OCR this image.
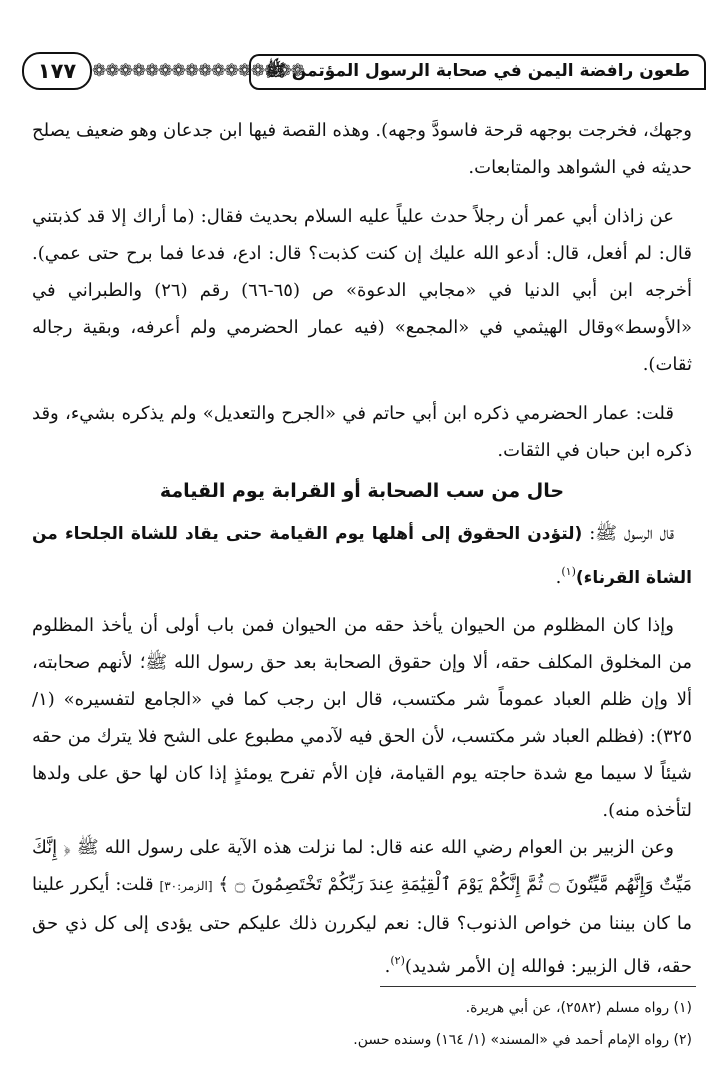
طعون رافضة اليمن في صحابة الرسول المؤتمن ﷺ
❁❁❁❁❁❁❁❁❁❁❁❁❁❁❁❁
١٧٧

وجهك، فخرجت بوجهه قرحة فاسودَّ وجهه). وهذه القصة فيها ابن جدعان وهو ضعيف يصلح حديثه في الشواهد والمتابعات.

عن زاذان أبي عمر أن رجلاً حدث علياً عليه السلام بحديث فقال: (ما أراك إلا قد كذبتني قال: لم أفعل، قال: أدعو الله عليك إن كنت كذبت؟ قال: ادع، فدعا فما برح حتى عمي). أخرجه ابن أبي الدنيا في «مجابي الدعوة» ص (٦٥-٦٦) رقم (٢٦) والطبراني في «الأوسط»وقال الهيثمي في «المجمع» (فيه عمار الحضرمي ولم أعرفه، وبقية رجاله ثقات).

قلت: عمار الحضرمي ذكره ابن أبي حاتم في «الجرح والتعديل» ولم يذكره بشيء، وقد ذكره ابن حبان في الثقات.

حال من سب الصحابة أو القرابة يوم القيامة

قال الرسول ﷺ: (لتؤدن الحقوق إلى أهلها يوم القيامة حتى يقاد للشاة الجلحاء من الشاة القرناء)$^{(١)}$.

وإذا كان المظلوم من الحيوان يأخذ حقه من الحيوان فمن باب أولى أن يأخذ المظلوم من المخلوق المكلف حقه، ألا وإن حقوق الصحابة بعد حق رسول الله ﷺ؛ لأنهم صحابته، ألا وإن ظلم العباد عموماً شر مكتسب، قال ابن رجب كما في «الجامع لتفسيره» (١/ ٣٢٥): (فظلم العباد شر مكتسب، لأن الحق فيه لآدمي مطبوع على الشح فلا يترك من حقه شيئاً لا سيما مع شدة حاجته يوم القيامة، فإن الأم تفرح يومئذٍ إذا كان لها حق على ولدها لتأخذه منه).

وعن الزبير بن العوام رضي الله عنه قال: لما نزلت هذه الآية على رسول الله ﷺ ﴿ إِنَّكَ مَيِّتٌ وَإِنَّهُم مَّيِّتُونَ ۝ ثُمَّ إِنَّكُمْ يَوْمَ ٱلْقِيَٰمَةِ عِندَ رَبِّكُمْ تَخْتَصِمُونَ ۝ ﴾ [الزمر:٣٠] قلت: أيكرر علينا ما كان بيننا من خواص الذنوب؟ قال: نعم ليكررن ذلك عليكم حتى يؤدى إلى كل ذي حق حقه، قال الزبير: فوالله إن الأمر شديد)$^{(٢)}$.

(١) رواه مسلم (٢٥٨٢)، عن أبي هريرة.

(٢) رواه الإمام أحمد في «المسند» (١/ ١٦٤) وسنده حسن.
